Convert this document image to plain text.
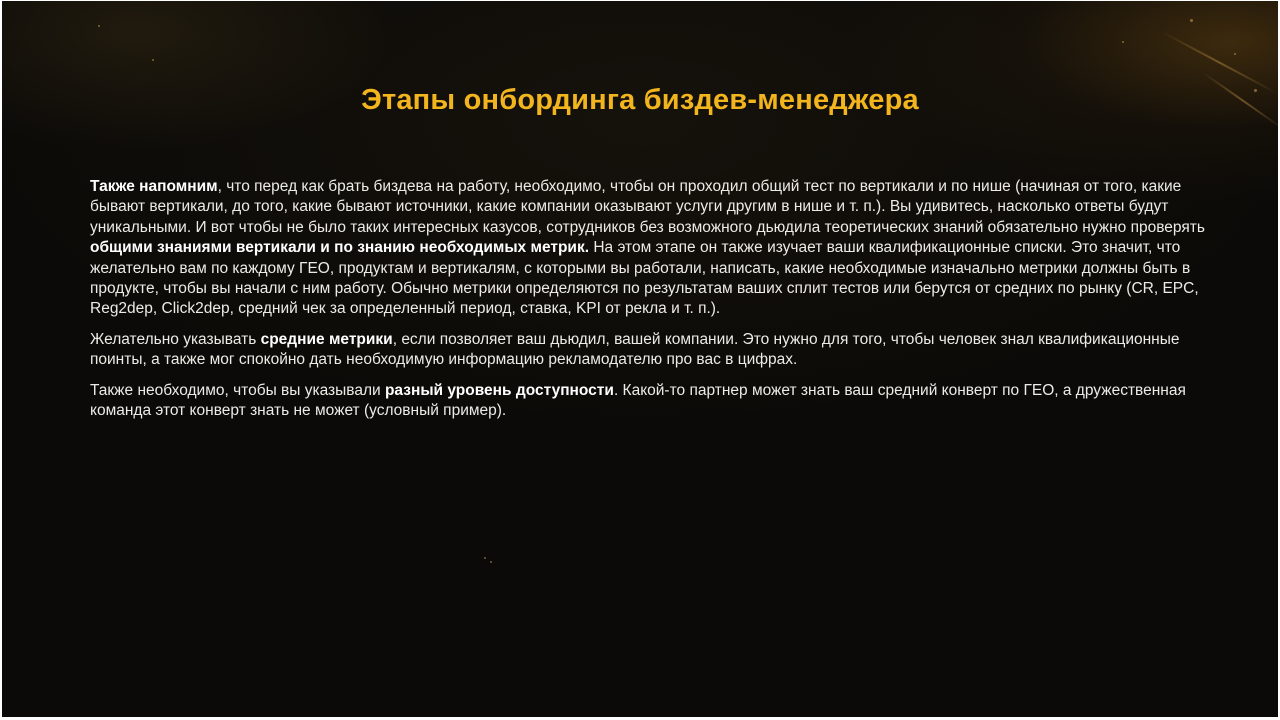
Этапы онбординга биздев-менеджера

Также напомним, что перед как брать биздева на работу, необходимо, чтобы он проходил общий тест по вертикали и по нише (начиная от того, какие бывают вертикали, до того, какие бывают источники, какие компании оказывают услуги другим в нише и т. п.). Вы удивитесь, насколько ответы будут уникальными. И вот чтобы не было таких интересных казусов, сотрудников без возможного дьюдила теоретических знаний обязательно нужно проверять общими знаниями вертикали и по знанию необходимых метрик. На этом этапе он также изучает ваши квалификационные списки. Это значит, что желательно вам по каждому ГЕО, продуктам и вертикалям, с которыми вы работали, написать, какие необходимые изначально метрики должны быть в продукте, чтобы вы начали с ним работу. Обычно метрики определяются по результатам ваших сплит тестов или берутся от средних по рынку (CR, EPC, Reg2dep, Click2dep, средний чек за определенный период, ставка, KPI от рекла и т. п.).

Желательно указывать средние метрики, если позволяет ваш дьюдил, вашей компании. Это нужно для того, чтобы человек знал квалификационные поинты, а также мог спокойно дать необходимую информацию рекламодателю про вас в цифрах.

Также необходимо, чтобы вы указывали разный уровень доступности. Какой-то партнер может знать ваш средний конверт по ГЕО, а дружественная команда этот конверт знать не может (условный пример).
